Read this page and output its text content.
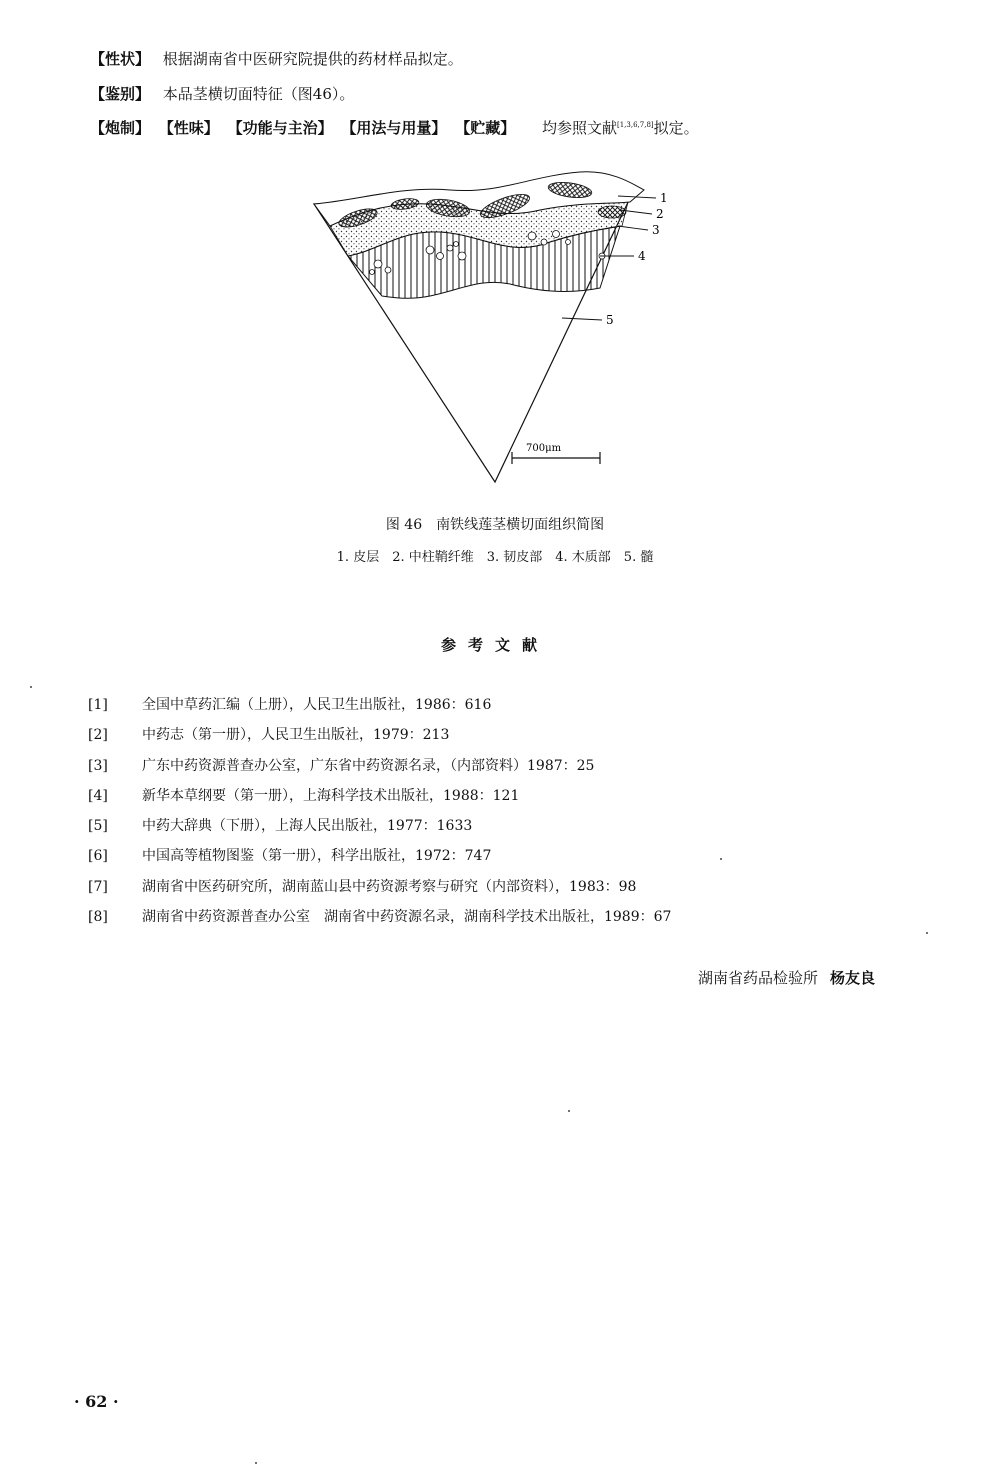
【性状】 根据湖南省中医研究院提供的药材样品拟定。
【鉴别】 本品茎横切面特征（图46）。
【炮制】 【性味】 【功能与主治】 【用法与用量】 【贮藏】 均参照文献[1,3,6,7,8]拟定。
1
2
3
4
5
700μm
图 46　南铁线莲茎横切面组织简图
1. 皮层　2. 中柱鞘纤维　3. 韧皮部　4. 木质部　5. 髓
参考文献
[1] 全国中草药汇编（上册），人民卫生出版社，1986：616
[2] 中药志（第一册），人民卫生出版社，1979：213
[3] 广东中药资源普查办公室，广东省中药资源名录，（内部资料）1987：25
[4] 新华本草纲要（第一册），上海科学技术出版社，1988：121
[5] 中药大辞典（下册），上海人民出版社，1977：1633
[6] 中国高等植物图鉴（第一册），科学出版社，1972：747
[7] 湖南省中医药研究所，湖南蓝山县中药资源考察与研究（内部资料），1983：98
[8] 湖南省中药资源普查办公室　湖南省中药资源名录，湖南科学技术出版社，1989：67
湖南省药品检验所 杨友良
· 62 ·
